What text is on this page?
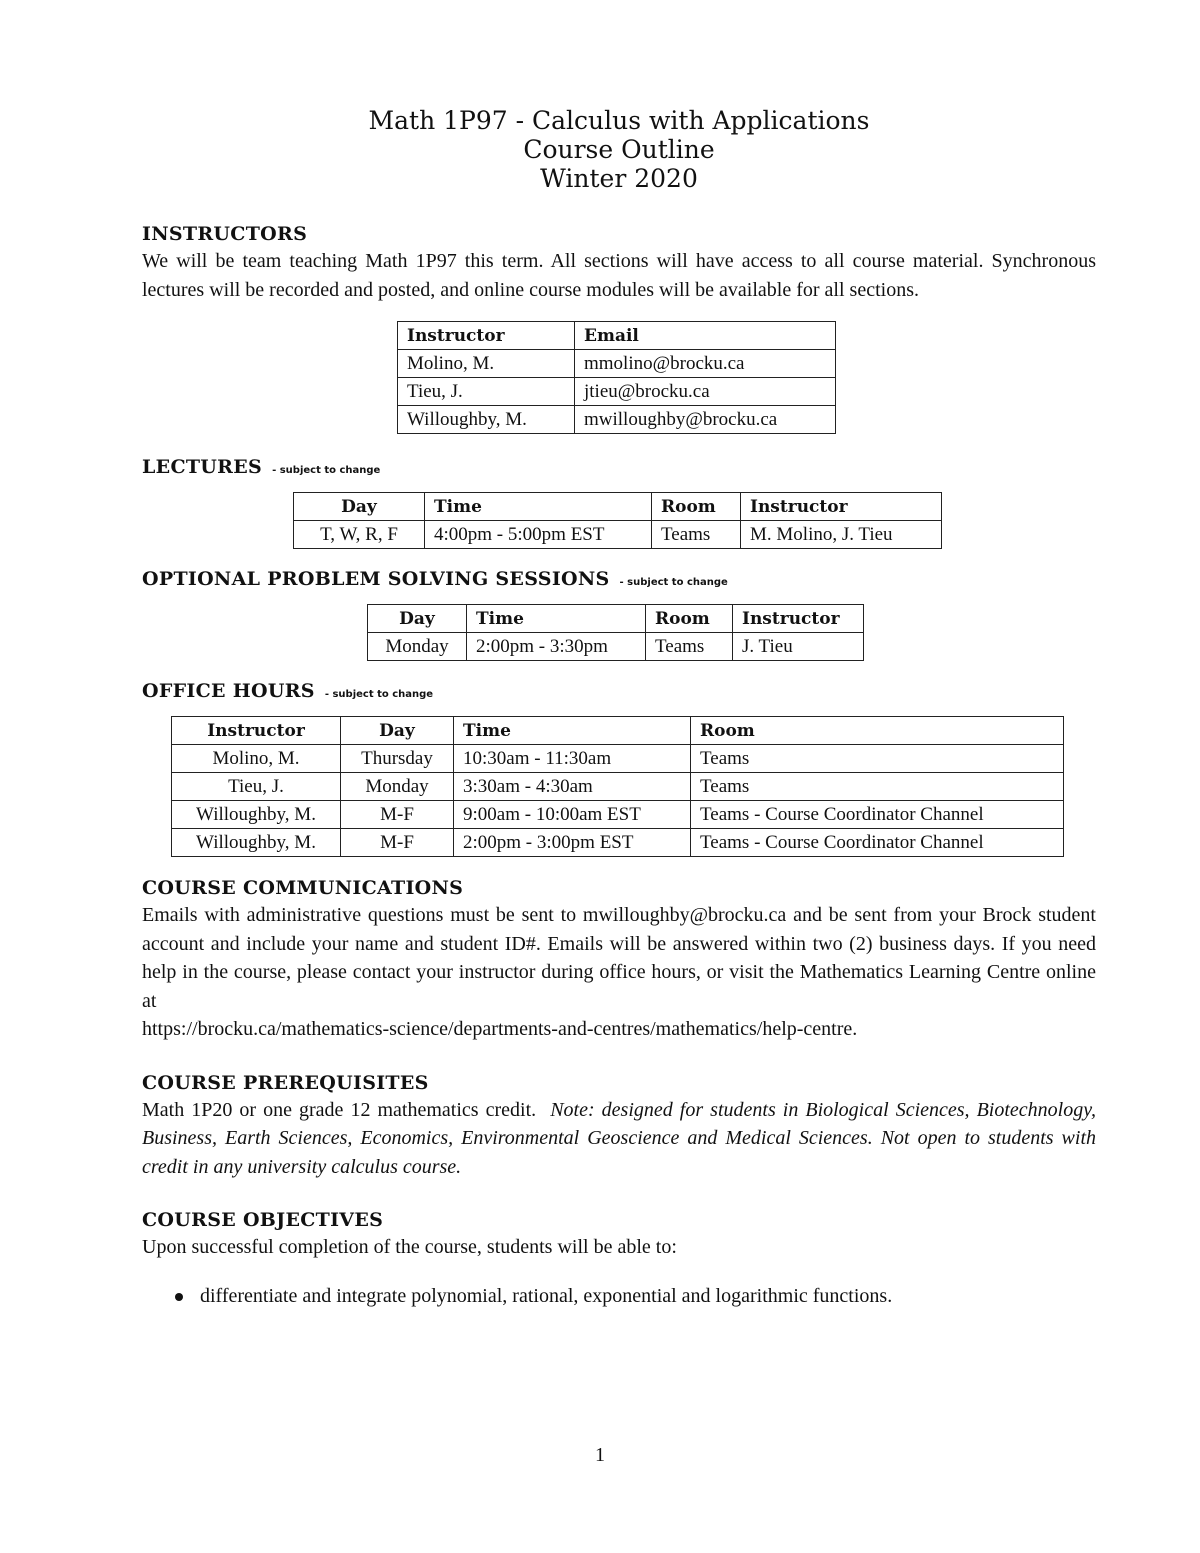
Math 1P97 - Calculus with Applications
Course Outline
Winter 2020
INSTRUCTORS

We will be team teaching Math 1P97 this term. All sections will have access to all course material. Synchronous lectures will be recorded and posted, and online course modules will be available for all sections.

Instructor	Email
Molino, M.	mmolino@brocku.ca
Tieu, J.	jtieu@brocku.ca
Willoughby, M.	mwilloughby@brocku.ca
LECTURES - subject to change
Day	Time	Room	Instructor
T, W, R, F	4:00pm - 5:00pm EST	Teams	M. Molino, J. Tieu
OPTIONAL PROBLEM SOLVING SESSIONS - subject to change
Day	Time	Room	Instructor
Monday	2:00pm - 3:30pm	Teams	J. Tieu
OFFICE HOURS - subject to change
Instructor	Day	Time	Room
Molino, M.	Thursday	10:30am - 11:30am	Teams
Tieu, J.	Monday	3:30am - 4:30am	Teams
Willoughby, M.	M-F	9:00am - 10:00am EST	Teams - Course Coordinator Channel
Willoughby, M.	M-F	2:00pm - 3:00pm EST	Teams - Course Coordinator Channel
COURSE COMMUNICATIONS

Emails with administrative questions must be sent to mwilloughby@brocku.ca and be sent from your Brock student account and include your name and student ID#. Emails will be answered within two (2) business days. If you need help in the course, please contact your instructor during office hours, or visit the Mathematics Learning Centre online at

https://brocku.ca/mathematics-science/departments-and-centres/mathematics/help-centre.

COURSE PREREQUISITES

Math 1P20 or one grade 12 mathematics credit. Note: designed for students in Biological Sciences, Biotechnology, Business, Earth Sciences, Economics, Environmental Geoscience and Medical Sciences. Not open to students with credit in any university calculus course.

COURSE OBJECTIVES

Upon successful completion of the course, students will be able to:

differentiate and integrate polynomial, rational, exponential and logarithmic functions.
1
